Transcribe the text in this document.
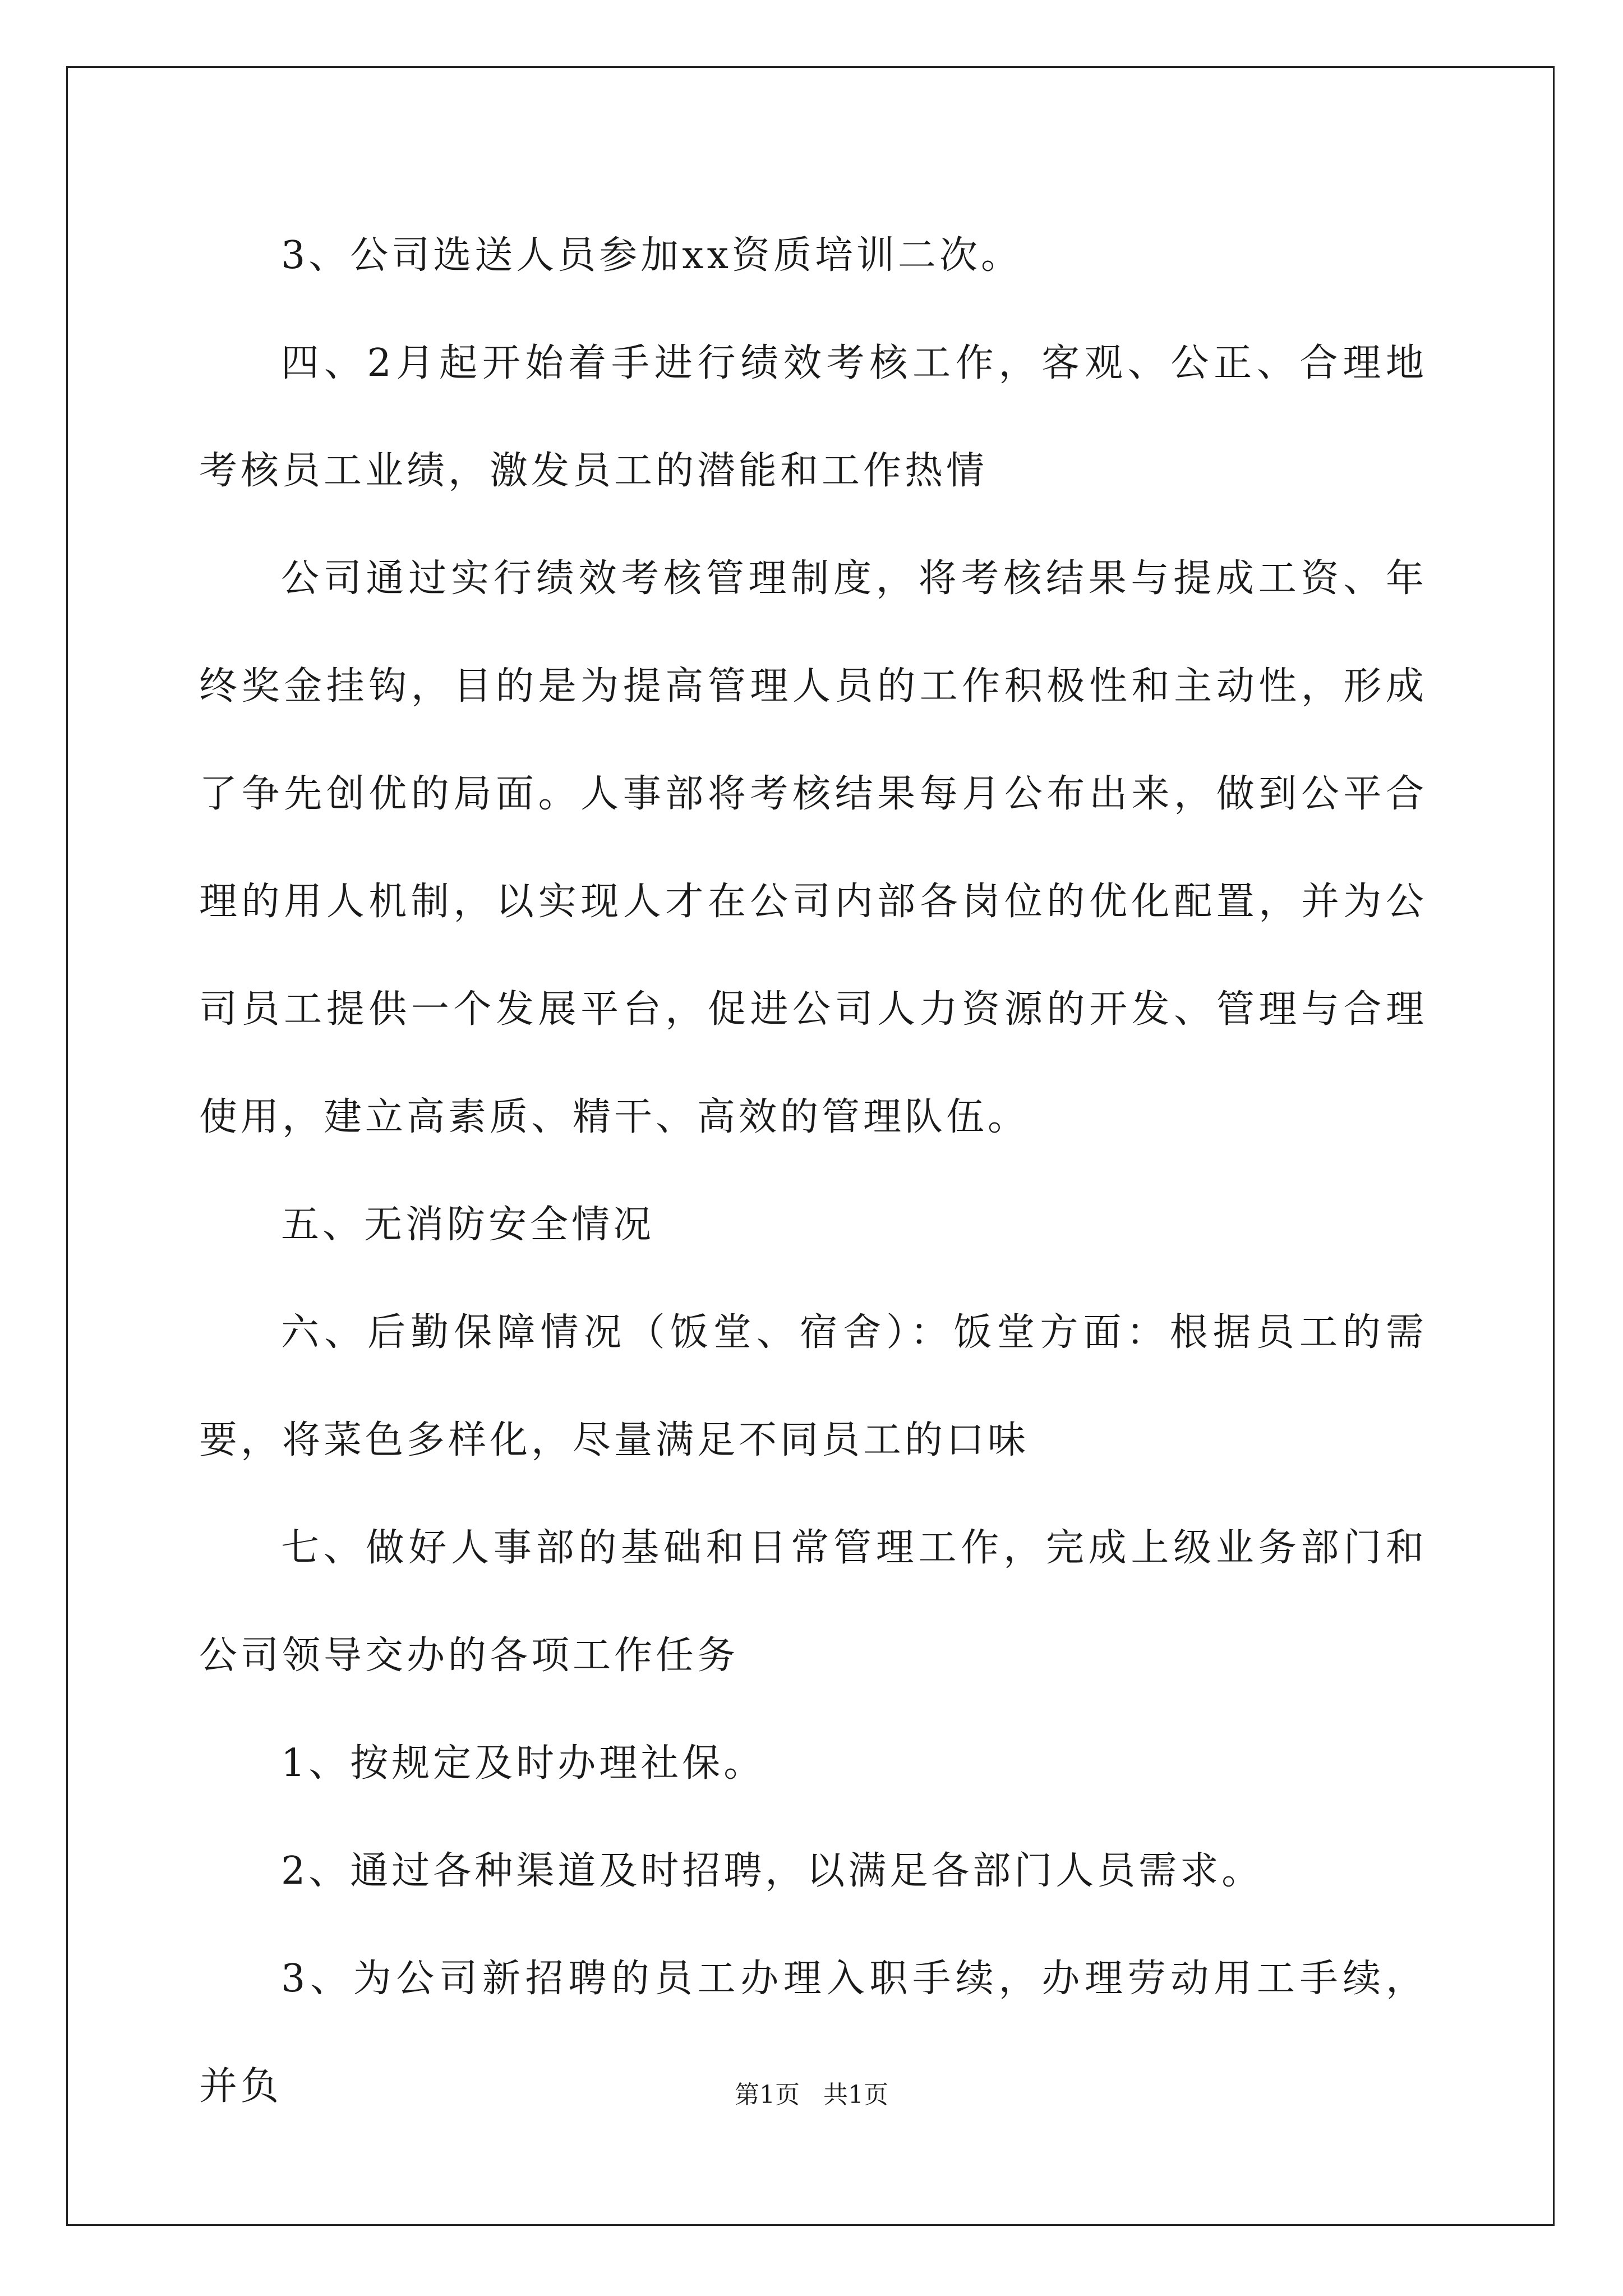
3、公司选送人员参加xx资质培训二次。

四、2月起开始着手进行绩效考核工作，客观、公正、合理地考核员工业绩，激发员工的潜能和工作热情

公司通过实行绩效考核管理制度，将考核结果与提成工资、年终奖金挂钩，目的是为提高管理人员的工作积极性和主动性，形成了争先创优的局面。人事部将考核结果每月公布出来，做到公平合理的用人机制，以实现人才在公司内部各岗位的优化配置，并为公司员工提供一个发展平台，促进公司人力资源的开发、管理与合理使用，建立高素质、精干、高效的管理队伍。

五、无消防安全情况

六、后勤保障情况（饭堂、宿舍）：饭堂方面：根据员工的需要，将菜色多样化，尽量满足不同员工的口味

七、做好人事部的基础和日常管理工作，完成上级业务部门和公司领导交办的各项工作任务

1、按规定及时办理社保。

2、通过各种渠道及时招聘，以满足各部门人员需求。

3、为公司新招聘的员工办理入职手续，办理劳动用工手续，并负	第1页 共1页
